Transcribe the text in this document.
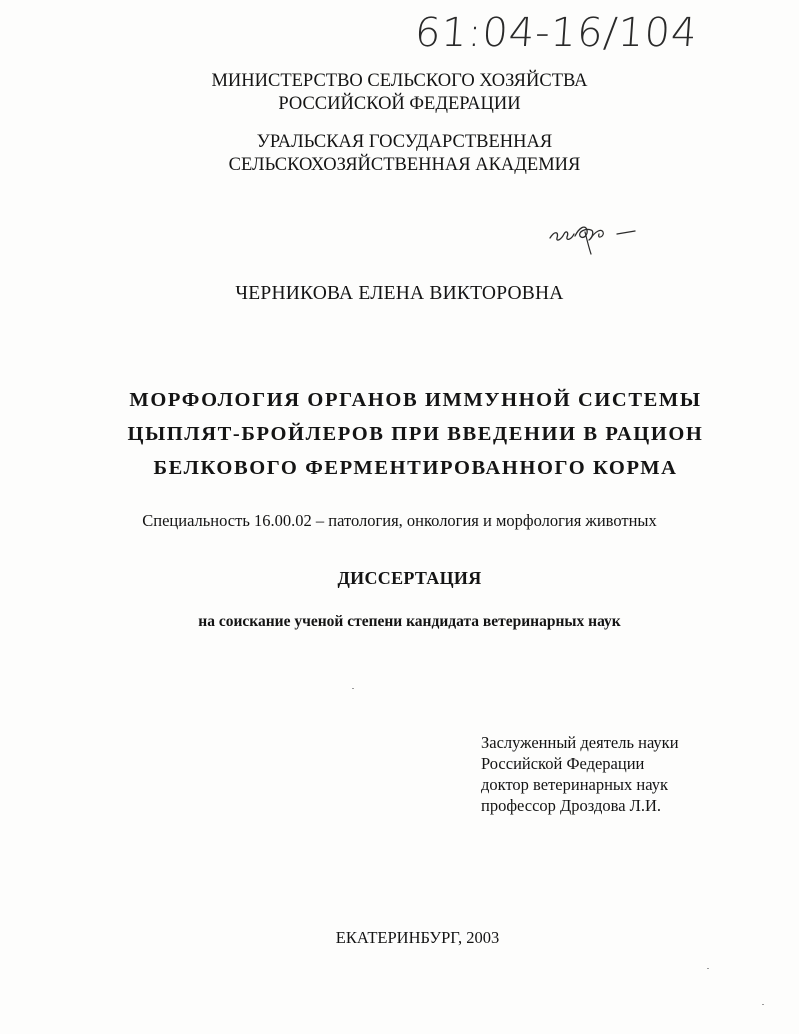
61:04-16/104
МИНИСТЕРСТВО СЕЛЬСКОГО ХОЗЯЙСТВА
РОССИЙСКОЙ ФЕДЕРАЦИИ
УРАЛЬСКАЯ ГОСУДАРСТВЕННАЯ
СЕЛЬСКОХОЗЯЙСТВЕННАЯ АКАДЕМИЯ
ЧЕРНИКОВА ЕЛЕНА ВИКТОРОВНА
МОРФОЛОГИЯ ОРГАНОВ ИММУННОЙ СИСТЕМЫ
ЦЫПЛЯТ-БРОЙЛЕРОВ ПРИ ВВЕДЕНИИ В РАЦИОН
БЕЛКОВОГО ФЕРМЕНТИРОВАННОГО КОРМА
Специальность 16.00.02 – патология, онкология и морфология животных
ДИССЕРТАЦИЯ
на соискание ученой степени кандидата ветеринарных наук
Заслуженный деятель науки
Российской Федерации
доктор ветеринарных наук
профессор Дроздова Л.И.
ЕКАТЕРИНБУРГ, 2003
